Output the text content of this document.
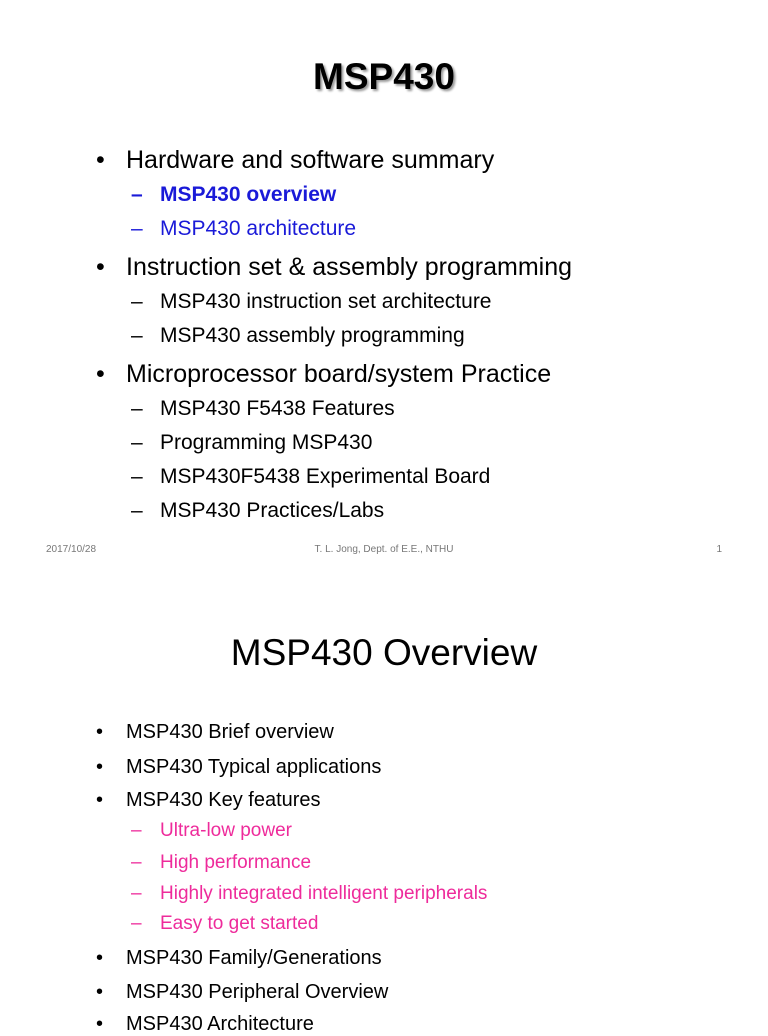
MSP430
• Hardware and software summary
– MSP430 overview
– MSP430 architecture
• Instruction set & assembly programming
– MSP430 instruction set architecture
– MSP430 assembly programming
• Microprocessor board/system Practice
– MSP430 F5438 Features
– Programming MSP430
– MSP430F5438 Experimental Board
– MSP430 Practices/Labs
2017/10/28	T. L. Jong, Dept. of E.E., NTHU	1
MSP430 Overview
•	MSP430 Brief overview
•	MSP430 Typical applications
•	MSP430 Key features
– Ultra-low power
– High performance
– Highly integrated intelligent peripherals
– Easy to get started
•	MSP430 Family/Generations
•	MSP430 Peripheral Overview
•	MSP430 Architecture
